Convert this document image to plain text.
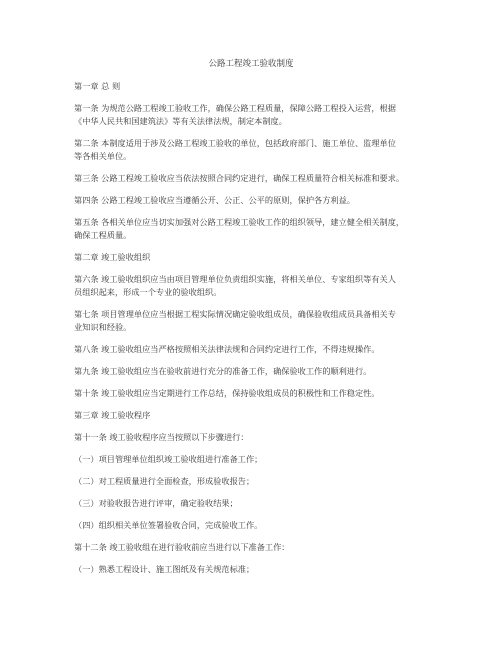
公路工程竣工验收制度
第一章 总 则
第一条 为规范公路工程竣工验收工作，确保公路工程质量，保障公路工程投入运营，根据
《中华人民共和国建筑法》等有关法律法规，制定本制度。
第二条 本制度适用于涉及公路工程竣工验收的单位，包括政府部门、施工单位、监理单位
等各相关单位。
第三条 公路工程竣工验收应当依法按照合同约定进行，确保工程质量符合相关标准和要求。
第四条 公路工程竣工验收应当遵循公开、公正、公平的原则，保护各方利益。
第五条 各相关单位应当切实加强对公路工程竣工验收工作的组织领导，建立健全相关制度，
确保工程质量。
第二章 竣工验收组织
第六条 竣工验收组织应当由项目管理单位负责组织实施，将相关单位、专家组织等有关人
员组织起来，形成一个专业的验收组织。
第七条 项目管理单位应当根据工程实际情况确定验收组成员，确保验收组成员具备相关专
业知识和经验。
第八条 竣工验收组应当严格按照相关法律法规和合同约定进行工作，不得违规操作。
第九条 竣工验收组应当在验收前进行充分的准备工作，确保验收工作的顺利进行。
第十条 竣工验收组应当定期进行工作总结，保持验收组成员的积极性和工作稳定性。
第三章 竣工验收程序
第十一条 竣工验收程序应当按照以下步骤进行：
（一）项目管理单位组织竣工验收组进行准备工作；
（二）对工程质量进行全面检查，形成验收报告；
（三）对验收报告进行评审，确定验收结果；
（四）组织相关单位签署验收合同，完成验收工作。
第十二条 竣工验收组在进行验收前应当进行以下准备工作：
（一）熟悉工程设计、施工图纸及有关规范标准；
